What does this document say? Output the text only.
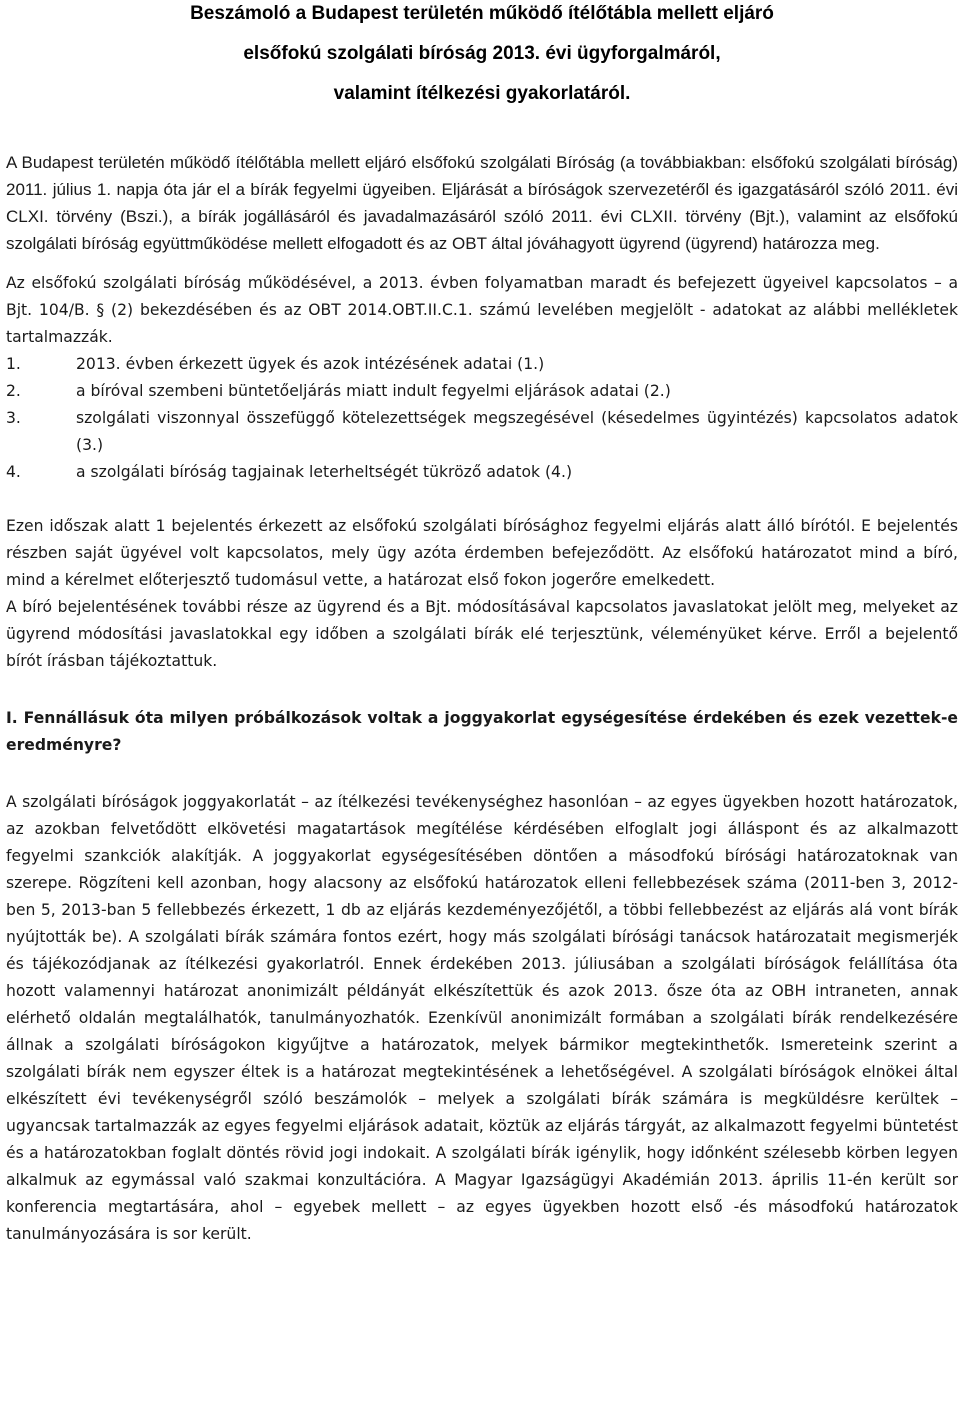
Beszámoló a Budapest területén működő ítélőtábla mellett eljáró
elsőfokú szolgálati bíróság 2013. évi ügyforgalmáról,
valamint ítélkezési gyakorlatáról.

A Budapest területén működő ítélőtábla mellett eljáró elsőfokú szolgálati Bíróság (a továbbiakban: elsőfokú szolgálati bíróság) 2011. július 1. napja óta jár el a bírák fegyelmi ügyeiben. Eljárását a bíróságok szervezetéről és igazgatásáról szóló 2011. évi CLXI. törvény (Bszi.), a bírák jogállásáról és javadalmazásáról szóló 2011. évi CLXII. törvény (Bjt.), valamint az elsőfokú szolgálati bíróság együttműködése mellett elfogadott és az OBT által jóváhagyott ügyrend (ügyrend) határozza meg.

Az elsőfokú szolgálati bíróság működésével, a 2013. évben folyamatban maradt és befejezett ügyeivel kapcsolatos – a Bjt. 104/B. § (2) bekezdésében és az OBT 2014.OBT.II.C.1. számú levelében megjelölt - adatokat az alábbi mellékletek tartalmazzák.

1.	2013. évben érkezett ügyek és azok intézésének adatai (1.)
2.	a bíróval szembeni büntetőeljárás miatt indult fegyelmi eljárások adatai (2.)
3.	szolgálati viszonnyal összefüggő kötelezettségek megszegésével (késedelmes ügyintézés) kapcsolatos adatok (3.)
4.	a szolgálati bíróság tagjainak leterheltségét tükröző adatok (4.)

Ezen időszak alatt 1 bejelentés érkezett az elsőfokú szolgálati bírósághoz fegyelmi eljárás alatt álló bírótól. E bejelentés részben saját ügyével volt kapcsolatos, mely ügy azóta érdemben befejeződött. Az elsőfokú határozatot mind a bíró, mind a kérelmet előterjesztő tudomásul vette, a határozat első fokon jogerőre emelkedett.

A bíró bejelentésének további része az ügyrend és a Bjt. módosításával kapcsolatos javaslatokat jelölt meg, melyeket az ügyrend módosítási javaslatokkal egy időben a szolgálati bírák elé terjesztünk, véleményüket kérve. Erről a bejelentő bírót írásban tájékoztattuk.

I. Fennállásuk óta milyen próbálkozások voltak a joggyakorlat egységesítése érdekében és ezek vezettek-e eredményre?

A szolgálati bíróságok joggyakorlatát – az ítélkezési tevékenységhez hasonlóan – az egyes ügyekben hozott határozatok, az azokban felvetődött elkövetési magatartások megítélése kérdésében elfoglalt jogi álláspont és az alkalmazott fegyelmi szankciók alakítják. A joggyakorlat egységesítésében döntően a másodfokú bírósági határozatoknak van szerepe. Rögzíteni kell azonban, hogy alacsony az elsőfokú határozatok elleni fellebbezések száma (2011-ben 3, 2012-ben 5, 2013-ban 5 fellebbezés érkezett, 1 db az eljárás kezdeményezőjétől, a többi fellebbezést az eljárás alá vont bírák nyújtották be). A szolgálati bírák számára fontos ezért, hogy más szolgálati bírósági tanácsok határozatait megismerjék és tájékozódjanak az ítélkezési gyakorlatról. Ennek érdekében 2013. júliusában a szolgálati bíróságok felállítása óta hozott valamennyi határozat anonimizált példányát elkészítettük és azok 2013. ősze óta az OBH intraneten, annak elérhető oldalán megtalálhatók, tanulmányozhatók. Ezenkívül anonimizált formában a szolgálati bírák rendelkezésére állnak a szolgálati bíróságokon kigyűjtve a határozatok, melyek bármikor megtekinthetők. Ismereteink szerint a szolgálati bírák nem egyszer éltek is a határozat megtekintésének a lehetőségével. A szolgálati bíróságok elnökei által elkészített évi tevékenységről szóló beszámolók – melyek a szolgálati bírák számára is megküldésre kerültek – ugyancsak tartalmazzák az egyes fegyelmi eljárások adatait, köztük az eljárás tárgyát, az alkalmazott fegyelmi büntetést és a határozatokban foglalt döntés rövid jogi indokait. A szolgálati bírák igénylik, hogy időnként szélesebb körben legyen alkalmuk az egymással való szakmai konzultációra. A Magyar Igazságügyi Akadémián 2013. április 11-én került sor konferencia megtartására, ahol – egyebek mellett – az egyes ügyekben hozott első -és másodfokú határozatok tanulmányozására is sor került.
